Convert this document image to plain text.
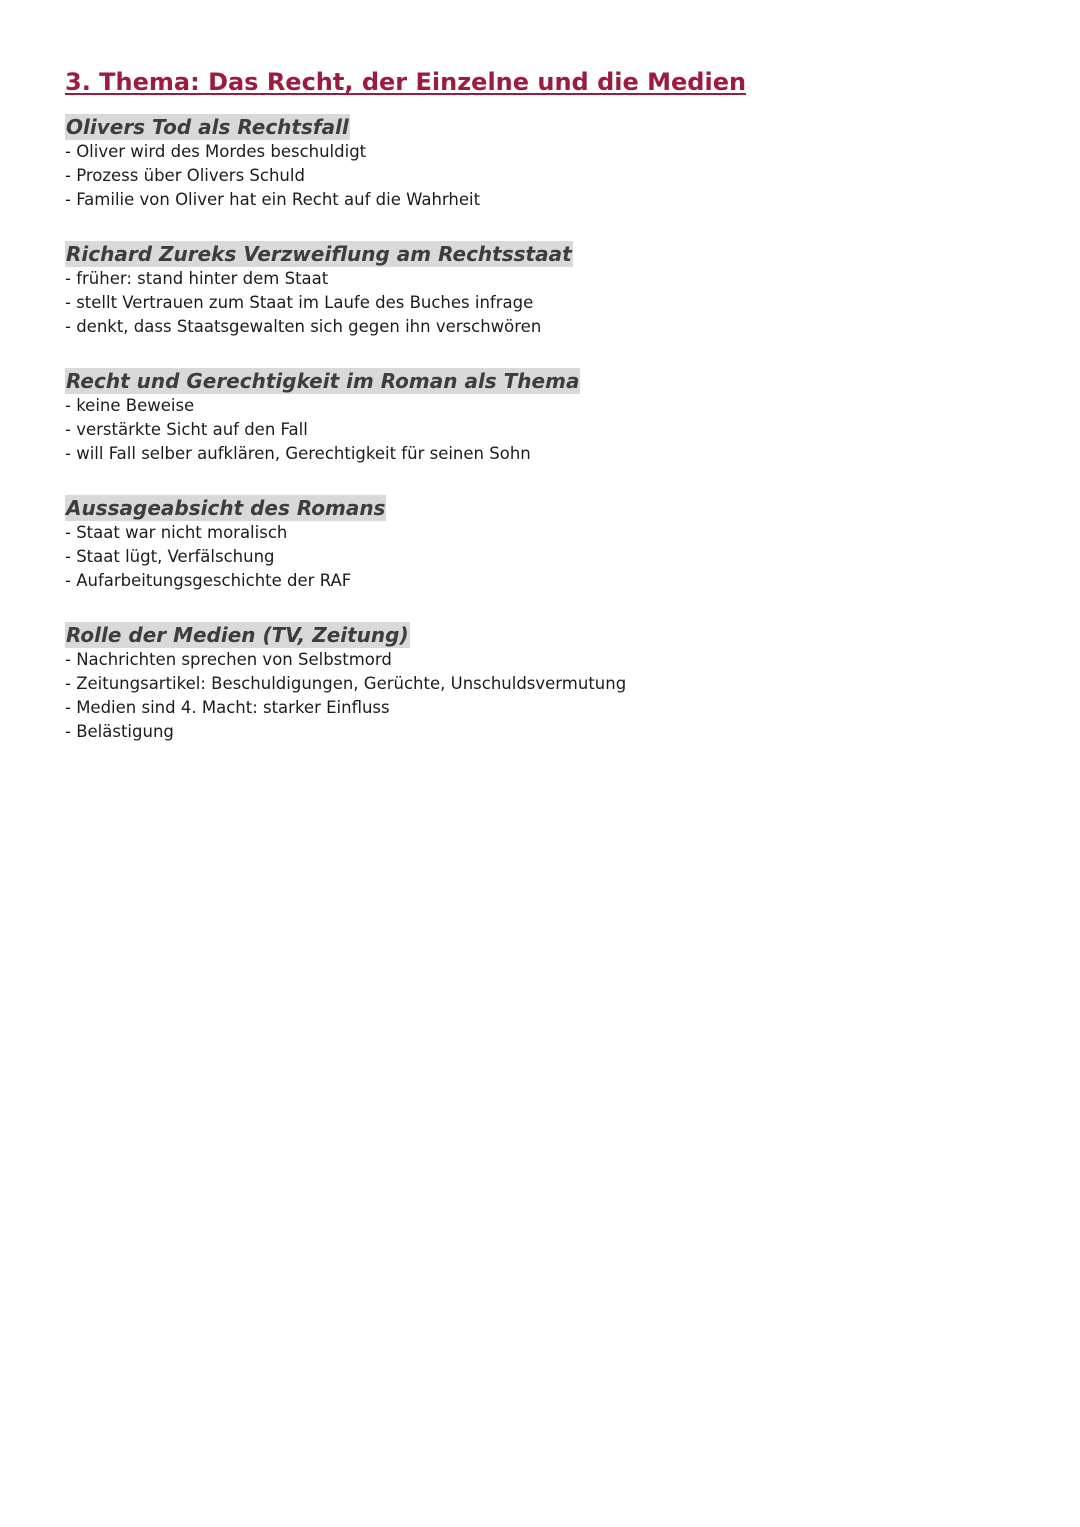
3. Thema: Das Recht, der Einzelne und die Medien
Olivers Tod als Rechtsfall
- Oliver wird des Mordes beschuldigt
- Prozess über Olivers Schuld
- Familie von Oliver hat ein Recht auf die Wahrheit
Richard Zureks Verzweiflung am Rechtsstaat
- früher: stand hinter dem Staat
- stellt Vertrauen zum Staat im Laufe des Buches infrage
- denkt, dass Staatsgewalten sich gegen ihn verschwören
Recht und Gerechtigkeit im Roman als Thema
- keine Beweise
- verstärkte Sicht auf den Fall
- will Fall selber aufklären, Gerechtigkeit für seinen Sohn
Aussageabsicht des Romans
- Staat war nicht moralisch
- Staat lügt, Verfälschung
- Aufarbeitungsgeschichte der RAF
Rolle der Medien (TV, Zeitung)
- Nachrichten sprechen von Selbstmord
- Zeitungsartikel: Beschuldigungen, Gerüchte, Unschuldsvermutung
- Medien sind 4. Macht: starker Einfluss
- Belästigung
